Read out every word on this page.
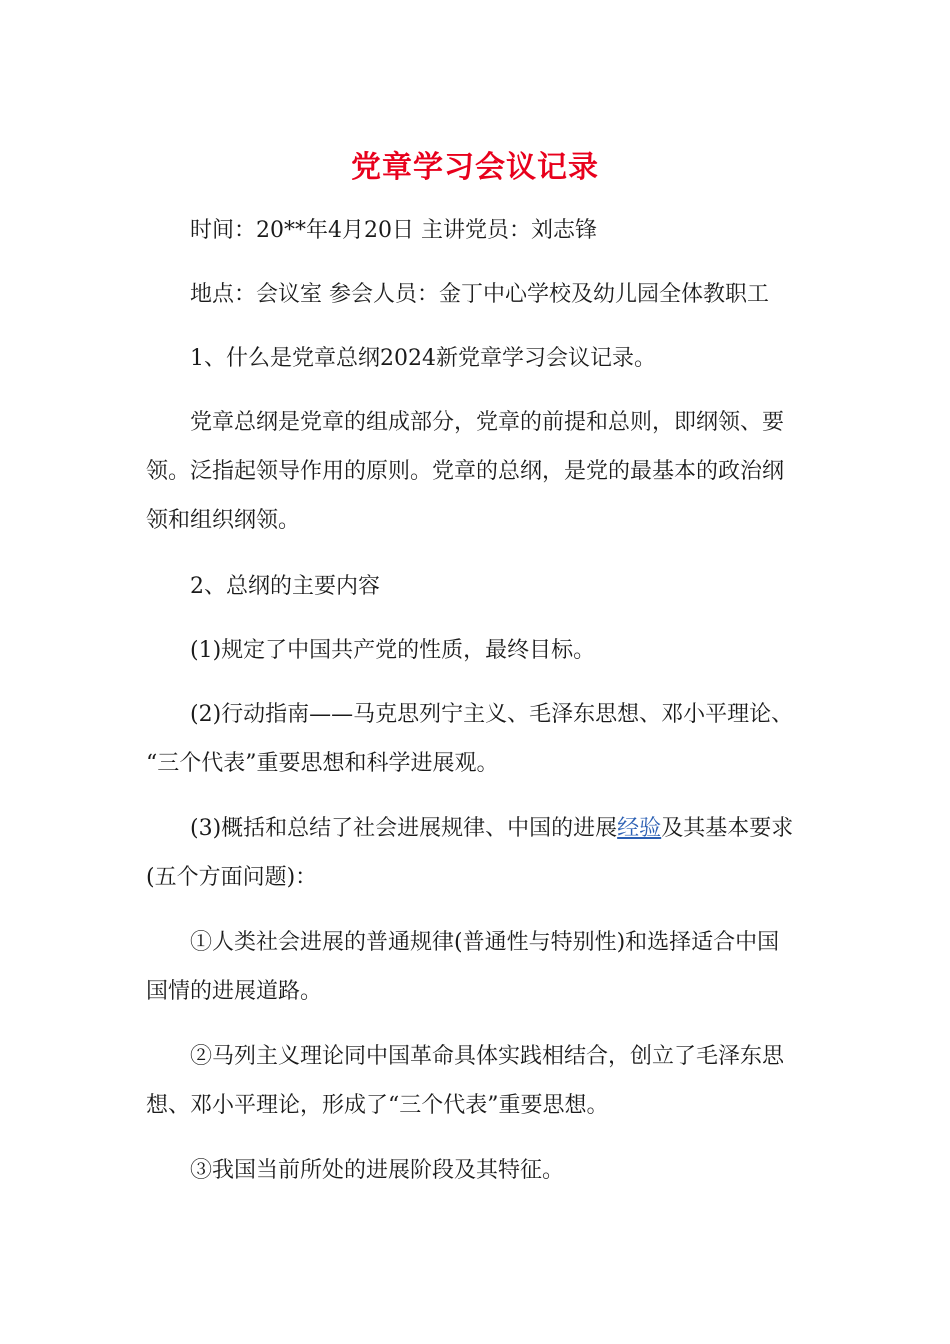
党章学习会议记录

时间：20**年4月20日 主讲党员：刘志锋

地点：会议室 参会人员：金丁中心学校及幼儿园全体教职工

1、什么是党章总纲2024新党章学习会议记录。

党章总纲是党章的组成部分，党章的前提和总则，即纲领、要
领。泛指起领导作用的原则。党章的总纲，是党的最基本的政治纲
领和组织纲领。

2、总纲的主要内容

(1)规定了中国共产党的性质，最终目标。

(2)行动指南——马克思列宁主义、毛泽东思想、邓小平理论、
“三个代表”重要思想和科学进展观。
(3)概括和总结了社会进展规律、中国的进展经验及其基本要求
(五个方面问题)：
①人类社会进展的普通规律(普通性与特别性)和选择适合中国
国情的进展道路。
②马列主义理论同中国革命具体实践相结合，创立了毛泽东思
想、邓小平理论，形成了“三个代表”重要思想。

③我国当前所处的进展阶段及其特征。
